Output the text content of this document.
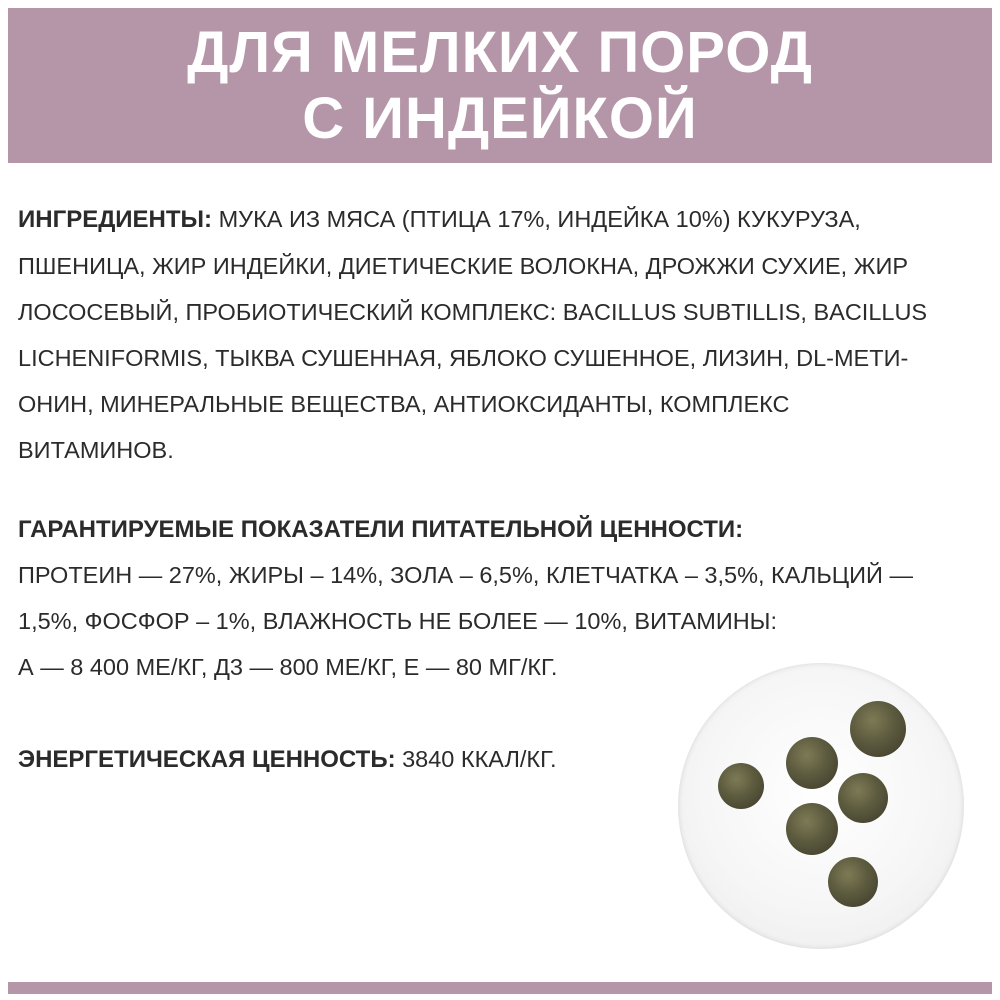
ДЛЯ МЕЛКИХ ПОРОД
С ИНДЕЙКОЙ

ИНГРЕДИЕНТЫ: МУКА ИЗ МЯСА (ПТИЦА 17%, ИНДЕЙКА 10%) КУКУРУЗА,

ПШЕНИЦА, ЖИР ИНДЕЙКИ, ДИЕТИЧЕСКИЕ ВОЛОКНА, ДРОЖЖИ СУХИЕ, ЖИР

ЛОСОСЕВЫЙ, ПРОБИОТИЧЕСКИЙ КОМПЛЕКС: BACILLUS SUBTILLIS, BACILLUS

LICHENIFORMIS, ТЫКВА СУШЕННАЯ, ЯБЛОКО СУШЕННОЕ, ЛИЗИН, DL-МЕТИ-

ОНИН, МИНЕРАЛЬНЫЕ ВЕЩЕСТВА, АНТИОКСИДАНТЫ, КОМПЛЕКС

ВИТАМИНОВ.

ГАРАНТИРУЕМЫЕ ПОКАЗАТЕЛИ ПИТАТЕЛЬНОЙ ЦЕННОСТИ:

ПРОТЕИН — 27%, ЖИРЫ – 14%, ЗОЛА – 6,5%, КЛЕТЧАТКА – 3,5%, КАЛЬЦИЙ —

1,5%, ФОСФОР – 1%, ВЛАЖНОСТЬ НЕ БОЛЕЕ — 10%, ВИТАМИНЫ:

А — 8 400 МЕ/КГ, Д3 — 800 МЕ/КГ, Е — 80 МГ/КГ.

ЭНЕРГЕТИЧЕСКАЯ ЦЕННОСТЬ: 3840 ККАЛ/КГ.
